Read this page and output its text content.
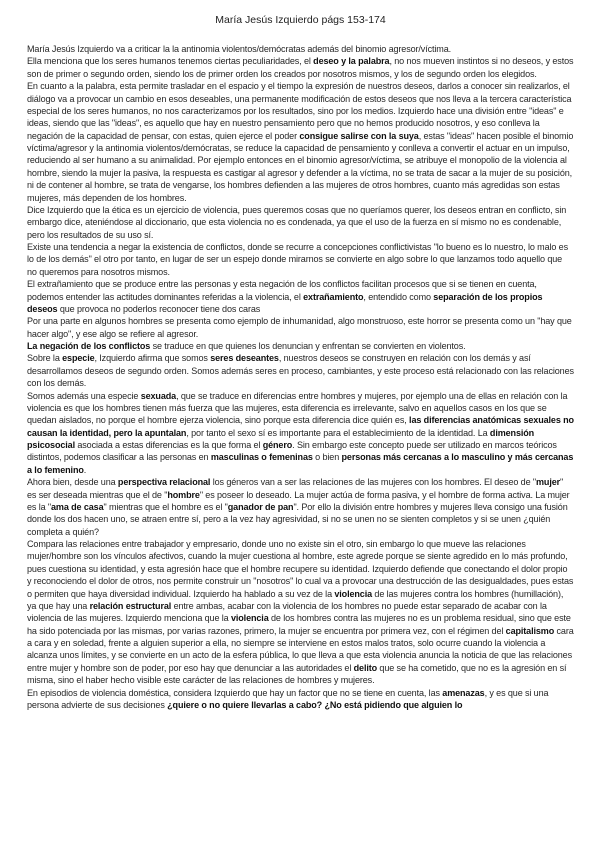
María Jesús Izquierdo págs 153-174

María Jesús Izquierdo va a criticar la la antinomia violentos/demócratas además del binomio agresor/víctima.

Ella menciona que los seres humanos tenemos ciertas peculiaridades, el deseo y la palabra, no nos mueven instintos si no deseos, y estos son de primer o segundo orden, siendo los de primer orden los creados por nosotros mismos, y los de segundo orden los elegidos.

En cuanto a la palabra, esta permite trasladar en el espacio y el tiempo la expresión de nuestros deseos, darlos a conocer sin realizarlos, el diálogo va a provocar un cambio en esos deseables, una permanente modificación de estos deseos que nos lleva a la tercera característica especial de los seres humanos, no nos caracterizamos por los resultados, sino por los medios. Izquierdo hace una división entre "ideas" e ideas, siendo que las "ideas", es aquello que hay en nuestro pensamiento pero que no hemos producido nosotros, y eso conlleva la negación de la capacidad de pensar, con estas, quien ejerce el poder consigue salirse con la suya, estas "ideas" hacen posible el binomio víctima/agresor y la antinomia violentos/demócratas, se reduce la capacidad de pensamiento y conlleva a convertir el actuar en un impulso, reduciendo al ser humano a su animalidad. Por ejemplo entonces en el binomio agresor/víctima, se atribuye el monopolio de la violencia al hombre, siendo la mujer la pasiva, la respuesta es castigar al agresor y defender a la víctima, no se trata de sacar a la mujer de su posición, ni de contener al hombre, se trata de vengarse, los hombres defienden a las mujeres de otros hombres, cuanto más agredidas son estas mujeres, más dependen de los hombres.

Dice Izquierdo que la ética es un ejercicio de violencia, pues queremos cosas que no queríamos querer, los deseos entran en conflicto, sin embargo dice, ateniéndose al diccionario, que esta violencia no es condenada, ya que el uso de la fuerza en sí mismo no es condenable, pero los resultados de su uso sí.

Existe una tendencia a negar la existencia de conflictos, donde se recurre a concepciones conflictivistas "lo bueno es lo nuestro, lo malo es lo de los demás" el otro por tanto, en lugar de ser un espejo donde mirarnos se convierte en algo sobre lo que lanzamos todo aquello que no queremos para nosotros mismos.

El extrañamiento que se produce entre las personas y esta negación de los conflictos facilitan procesos que si se tienen en cuenta, podemos entender las actitudes dominantes referidas a la violencia, el extrañamiento, entendido como separación de los propios deseos que provoca no poderlos reconocer tiene dos caras

Por una parte en algunos hombres se presenta como ejemplo de inhumanidad, algo monstruoso, este horror se presenta como un "hay que hacer algo", y ese algo se refiere al agresor.

La negación de los conflictos se traduce en que quienes los denuncian y enfrentan se convierten en violentos.

Sobre la especie, Izquierdo afirma que somos seres deseantes, nuestros deseos se construyen en relación con los demás y así desarrollamos deseos de segundo orden. Somos además seres en proceso, cambiantes, y este proceso está relacionado con las relaciones con los demás.

Somos además una especie sexuada, que se traduce en diferencias entre hombres y mujeres, por ejemplo una de ellas en relación con la violencia es que los hombres tienen más fuerza que las mujeres, esta diferencia es irrelevante, salvo en aquellos casos en los que se quedan aislados, no porque el hombre ejerza violencia, sino porque esta diferencia dice quién es, las diferencias anatómicas sexuales no causan la identidad, pero la apuntalan, por tanto el sexo sí es importante para el establecimiento de la identidad. La dimensión psicosocial asociada a estas diferencias es la que forma el género. Sin embargo este concepto puede ser utilizado en marcos teóricos distintos, podemos clasificar a las personas en masculinas o femeninas o bien personas más cercanas a lo masculino y más cercanas a lo femenino.

Ahora bien, desde una perspectiva relacional los géneros van a ser las relaciones de las mujeres con los hombres. El deseo de "mujer" es ser deseada mientras que el de "hombre" es poseer lo deseado. La mujer actúa de forma pasiva, y el hombre de forma activa. La mujer es la "ama de casa" mientras que el hombre es el "ganador de pan". Por ello la división entre hombres y mujeres lleva consigo una fusión donde los dos hacen uno, se atraen entre sí, pero a la vez hay agresividad, si no se unen no se sienten completos y si se unen ¿quién completa a quién?

Compara las relaciones entre trabajador y empresario, donde uno no existe sin el otro, sin embargo lo que mueve las relaciones mujer/hombre son los vínculos afectivos, cuando la mujer cuestiona al hombre, este agrede porque se siente agredido en lo más profundo, pues cuestiona su identidad, y esta agresión hace que el hombre recupere su identidad. Izquierdo defiende que conectando el dolor propio y reconociendo el dolor de otros, nos permite construir un "nosotros" lo cual va a provocar una destrucción de las desigualdades, pues estas o permiten que haya diversidad individual. Izquierdo ha hablado a su vez de la violencia de las mujeres contra los hombres (humillación), ya que hay una relación estructural entre ambas, acabar con la violencia de los hombres no puede estar separado de acabar con la violencia de las mujeres. Izquierdo menciona que la violencia de los hombres contra las mujeres no es un problema residual, sino que este ha sido potenciada por las mismas, por varias razones, primero, la mujer se encuentra por primera vez, con el régimen del capitalismo cara a cara y en soledad, frente a alguien superior a ella, no siempre se interviene en estos malos tratos, solo ocurre cuando la violencia a alcanza unos límites, y se convierte en un acto de la esfera pública, lo que lleva a que esta violencia anuncia la noticia de que las relaciones entre mujer y hombre son de poder, por eso hay que denunciar a las autoridades el delito que se ha cometido, que no es la agresión en sí misma, sino el haber hecho visible este carácter de las relaciones de hombres y mujeres.

En episodios de violencia doméstica, considera Izquierdo que hay un factor que no se tiene en cuenta, las amenazas, y es que si una persona advierte de sus decisiones ¿quiere o no quiere llevarlas a cabo? ¿No está pidiendo que alguien lo
